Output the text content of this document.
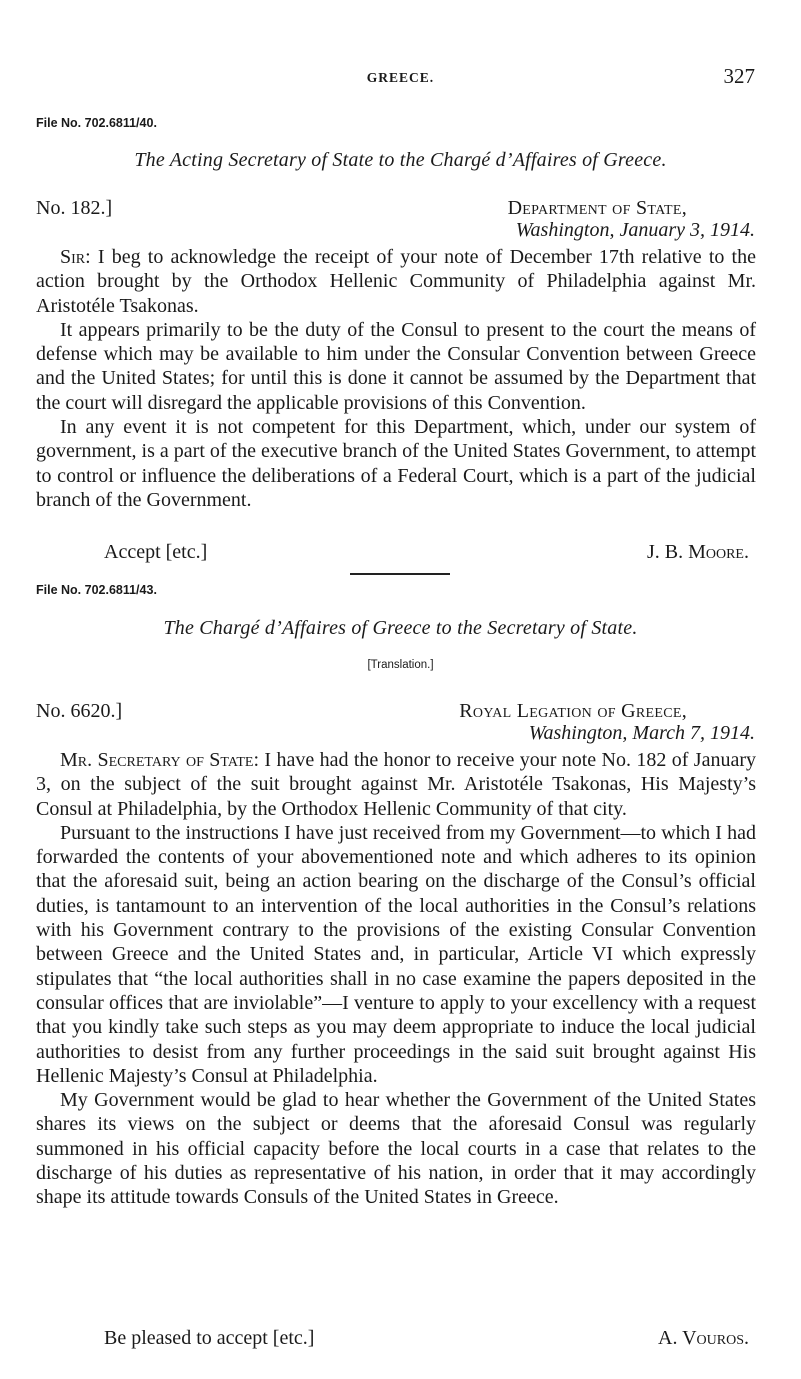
GREECE.	327
File No. 702.6811/40.
The Acting Secretary of State to the Chargé d’Affaires of Greece.
No. 182.]	Department of State,
Washington, January 3, 1914.

Sir: I beg to acknowledge the receipt of your note of December 17th relative to the action brought by the Orthodox Hellenic Community of Philadelphia against Mr. Aristotéle Tsakonas.

It appears primarily to be the duty of the Consul to present to the court the means of defense which may be available to him under the Consular Convention between Greece and the United States; for until this is done it cannot be assumed by the Department that the court will disregard the applicable provisions of this Convention.

In any event it is not competent for this Department, which, under our system of government, is a part of the executive branch of the United States Government, to attempt to control or influence the deliberations of a Federal Court, which is a part of the judicial branch of the Government.

Accept [etc.]	J. B. Moore.
File No. 702.6811/43.
The Chargé d’Affaires of Greece to the Secretary of State.
[Translation.]
No. 6620.]	Royal Legation of Greece,
Washington, March 7, 1914.

Mr. Secretary of State: I have had the honor to receive your note No. 182 of January 3, on the subject of the suit brought against Mr. Aristotéle Tsakonas, His Majesty’s Consul at Philadelphia, by the Orthodox Hellenic Community of that city.

Pursuant to the instructions I have just received from my Government—to which I had forwarded the contents of your abovementioned note and which adheres to its opinion that the aforesaid suit, being an action bearing on the discharge of the Consul’s official duties, is tantamount to an intervention of the local authorities in the Consul’s relations with his Government contrary to the provisions of the existing Consular Convention between Greece and the United States and, in particular, Article VI which expressly stipulates that “the local authorities shall in no case examine the papers deposited in the consular offices that are inviolable”—I venture to apply to your excellency with a request that you kindly take such steps as you may deem appropriate to induce the local judicial authorities to desist from any further proceedings in the said suit brought against His Hellenic Majesty’s Consul at Philadelphia.

My Government would be glad to hear whether the Government of the United States shares its views on the subject or deems that the aforesaid Consul was regularly summoned in his official capacity before the local courts in a case that relates to the discharge of his duties as representative of his nation, in order that it may accordingly shape its attitude towards Consuls of the United States in Greece.

Be pleased to accept [etc.]	A. Vouros.
